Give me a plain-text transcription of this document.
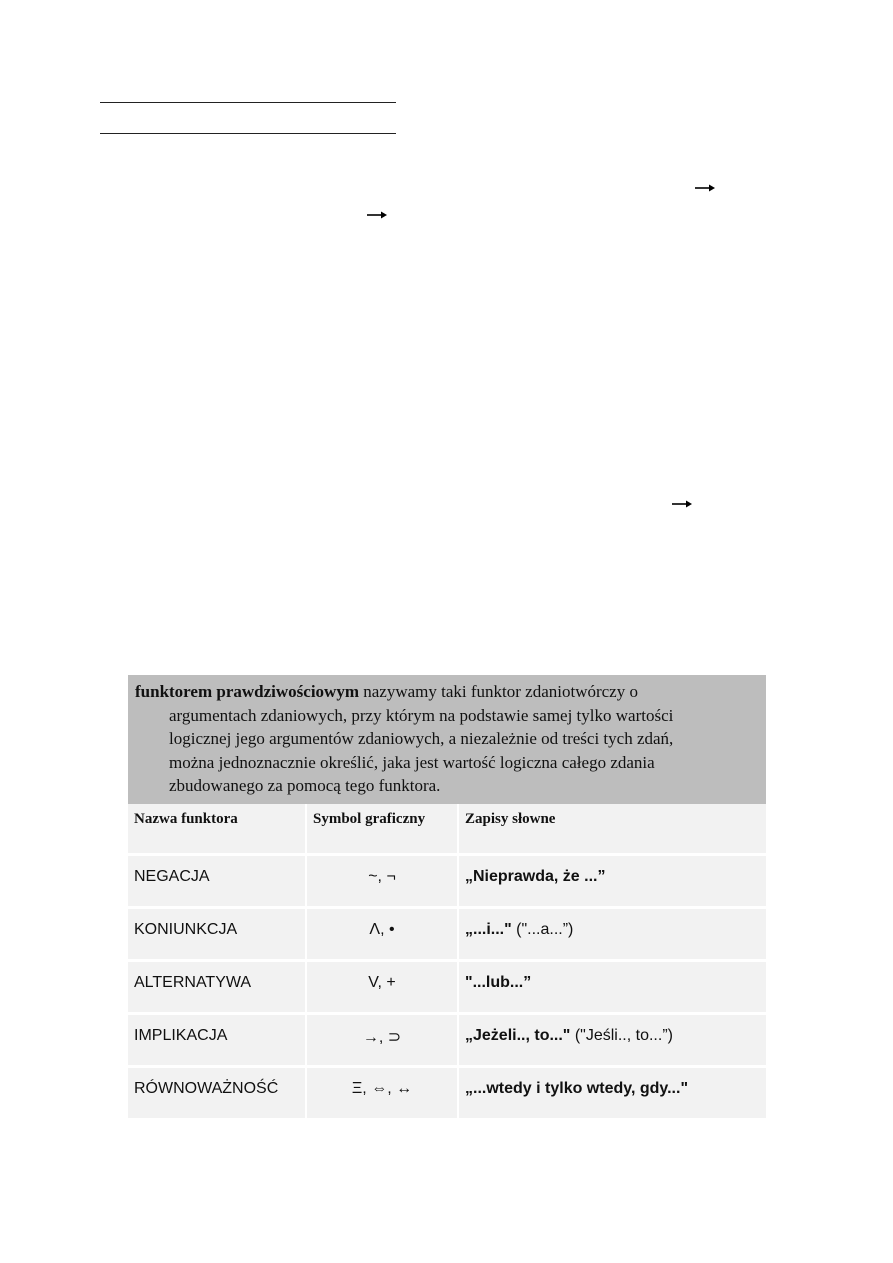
funktorem prawdziwościowym nazywamy taki funktor zdaniotwórczy o
argumentach zdaniowych, przy którym na podstawie samej tylko wartości
logicznej jego argumentów zdaniowych, a niezależnie od treści tych zdań,
można jednoznacznie określić, jaka jest wartość logiczna całego zdania
zbudowanego za pomocą tego funktora.
Nazwa funktora	Symbol graficzny	Zapisy słowne
NEGACJA	~, ¬	„Nieprawda, że ...”
KONIUNKCJA	Λ, •	„...i..." ("...a...”)
ALTERNATYWA	V, +	"...lub...”
IMPLIKACJA	→, ⊃	„Jeżeli.., to..." ("Jeśli.., to...”)
RÓWNOWAŻNOŚĆ	Ξ, ⇔, ↔	„...wtedy i tylko wtedy, gdy..."
